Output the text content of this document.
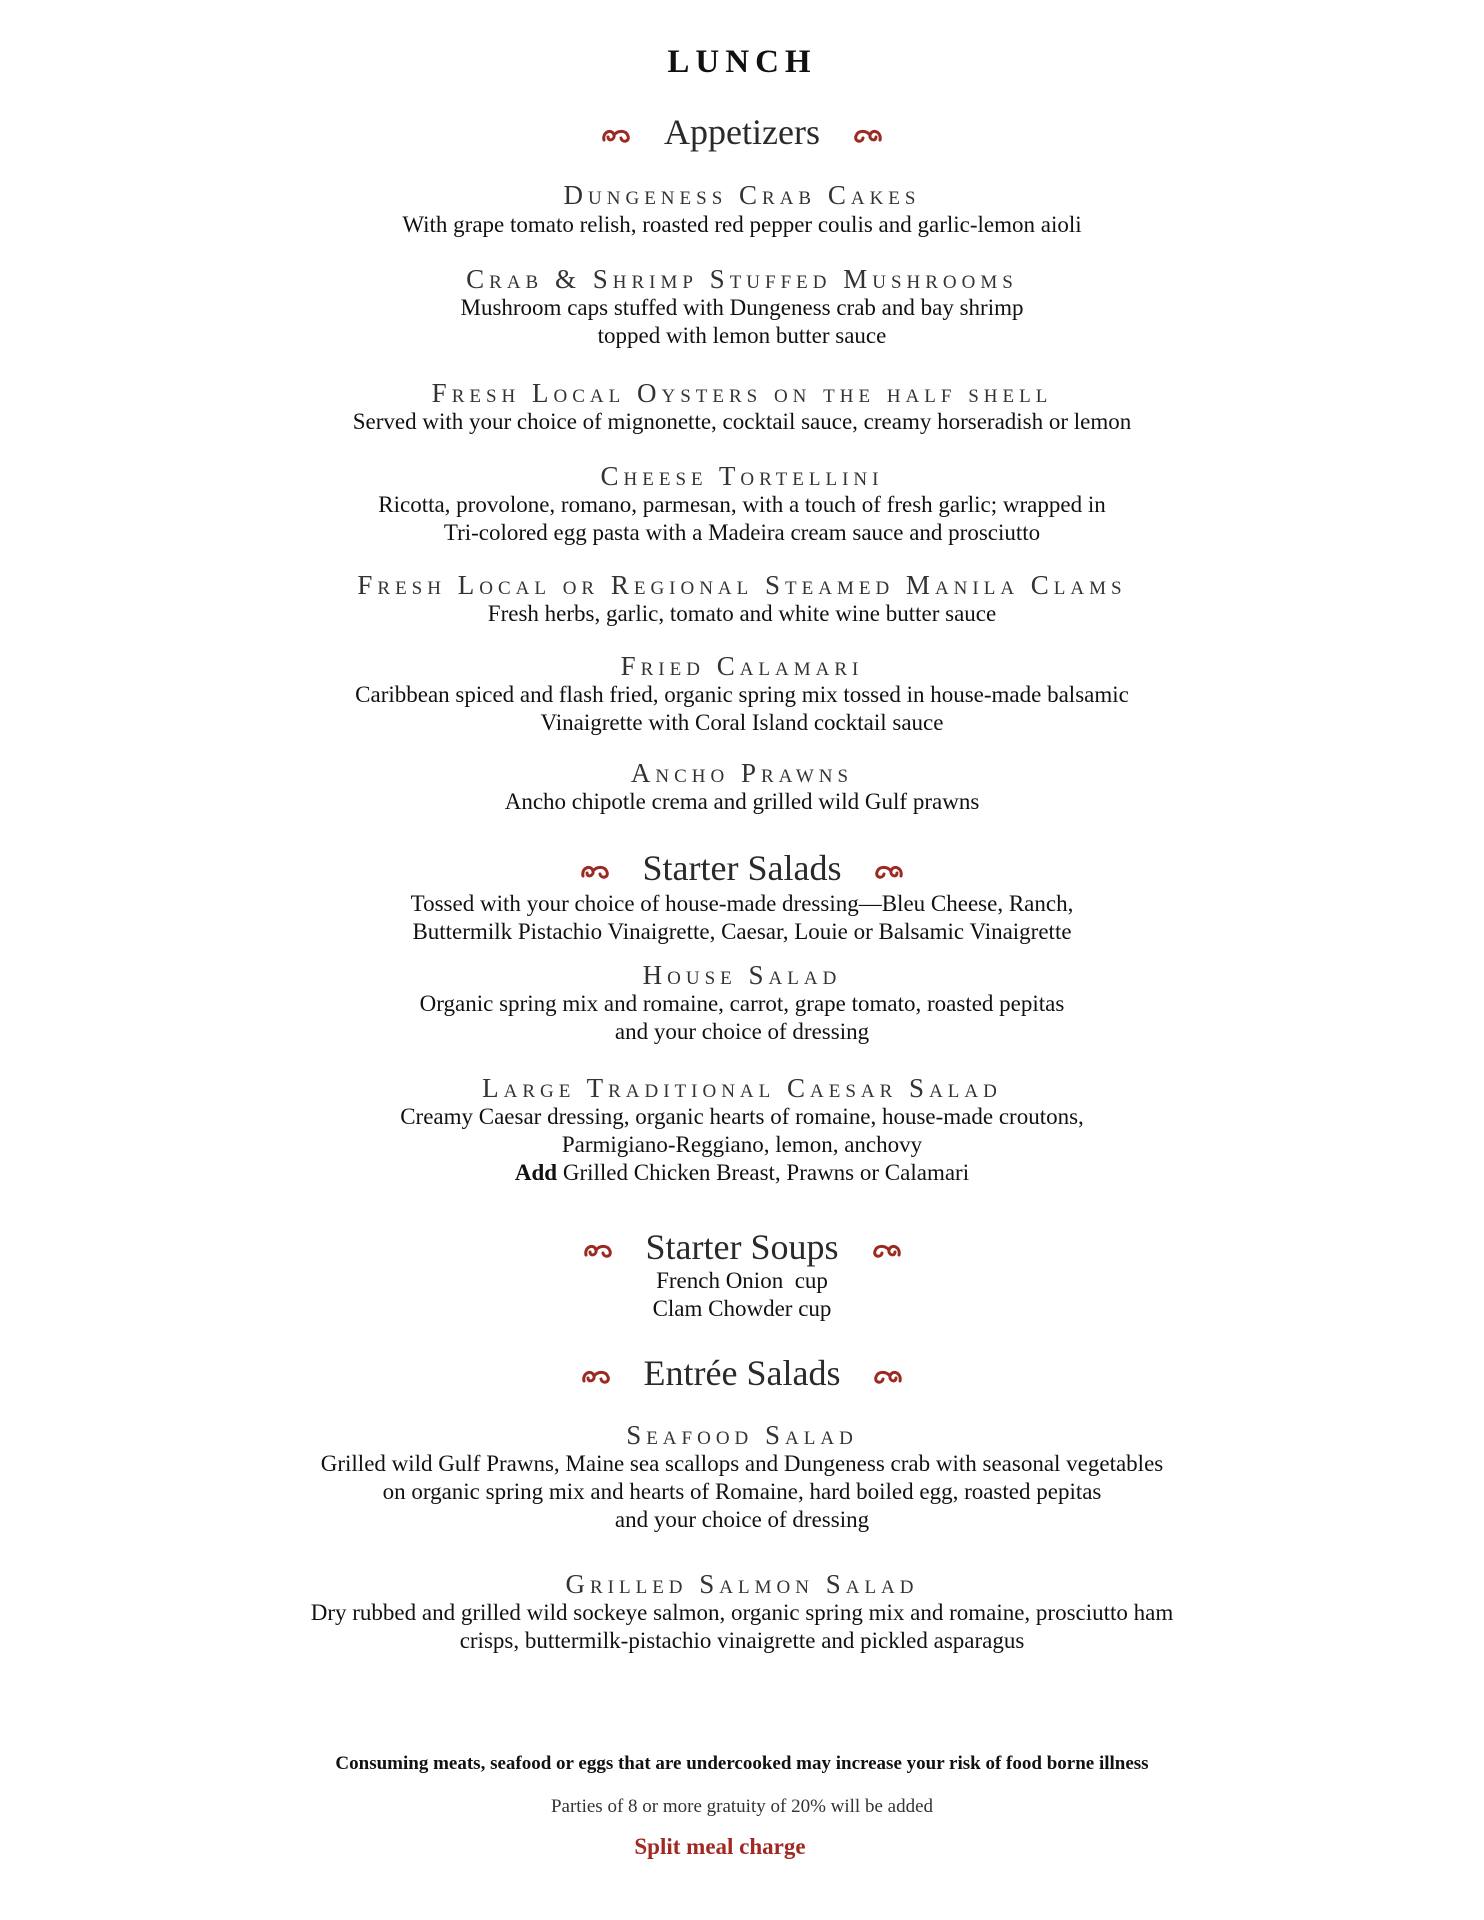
LUNCH
Appetizers
Dungeness Crab Cakes
With grape tomato relish, roasted red pepper coulis and garlic-lemon aioli
Crab & Shrimp Stuffed Mushrooms
Mushroom caps stuffed with Dungeness crab and bay shrimp
topped with lemon butter sauce
Fresh Local Oysters on the half shell
Served with your choice of mignonette, cocktail sauce, creamy horseradish or lemon
Cheese Tortellini
Ricotta, provolone, romano, parmesan, with a touch of fresh garlic; wrapped in
Tri-colored egg pasta with a Madeira cream sauce and prosciutto
Fresh Local or Regional Steamed Manila Clams
Fresh herbs, garlic, tomato and white wine butter sauce
Fried Calamari
Caribbean spiced and flash fried, organic spring mix tossed in house-made balsamic
Vinaigrette with Coral Island cocktail sauce
Ancho Prawns
Ancho chipotle crema and grilled wild Gulf prawns
Starter Salads
Tossed with your choice of house-made dressing—Bleu Cheese, Ranch,
Buttermilk Pistachio Vinaigrette, Caesar, Louie or Balsamic Vinaigrette
House Salad
Organic spring mix and romaine, carrot, grape tomato, roasted pepitas
and your choice of dressing
Large Traditional Caesar Salad
Creamy Caesar dressing, organic hearts of romaine, house-made croutons,
Parmigiano-Reggiano, lemon, anchovy
Add Grilled Chicken Breast, Prawns or Calamari
Starter Soups
French Onion  cup
Clam Chowder cup
Entrée Salads
Seafood Salad
Grilled wild Gulf Prawns, Maine sea scallops and Dungeness crab with seasonal vegetables
on organic spring mix and hearts of Romaine, hard boiled egg, roasted pepitas
and your choice of dressing
Grilled Salmon Salad
Dry rubbed and grilled wild sockeye salmon, organic spring mix and romaine, prosciutto ham
crisps, buttermilk-pistachio vinaigrette and pickled asparagus
Consuming meats, seafood or eggs that are undercooked may increase your risk of food borne illness
Parties of 8 or more gratuity of 20% will be added
Split meal charge
